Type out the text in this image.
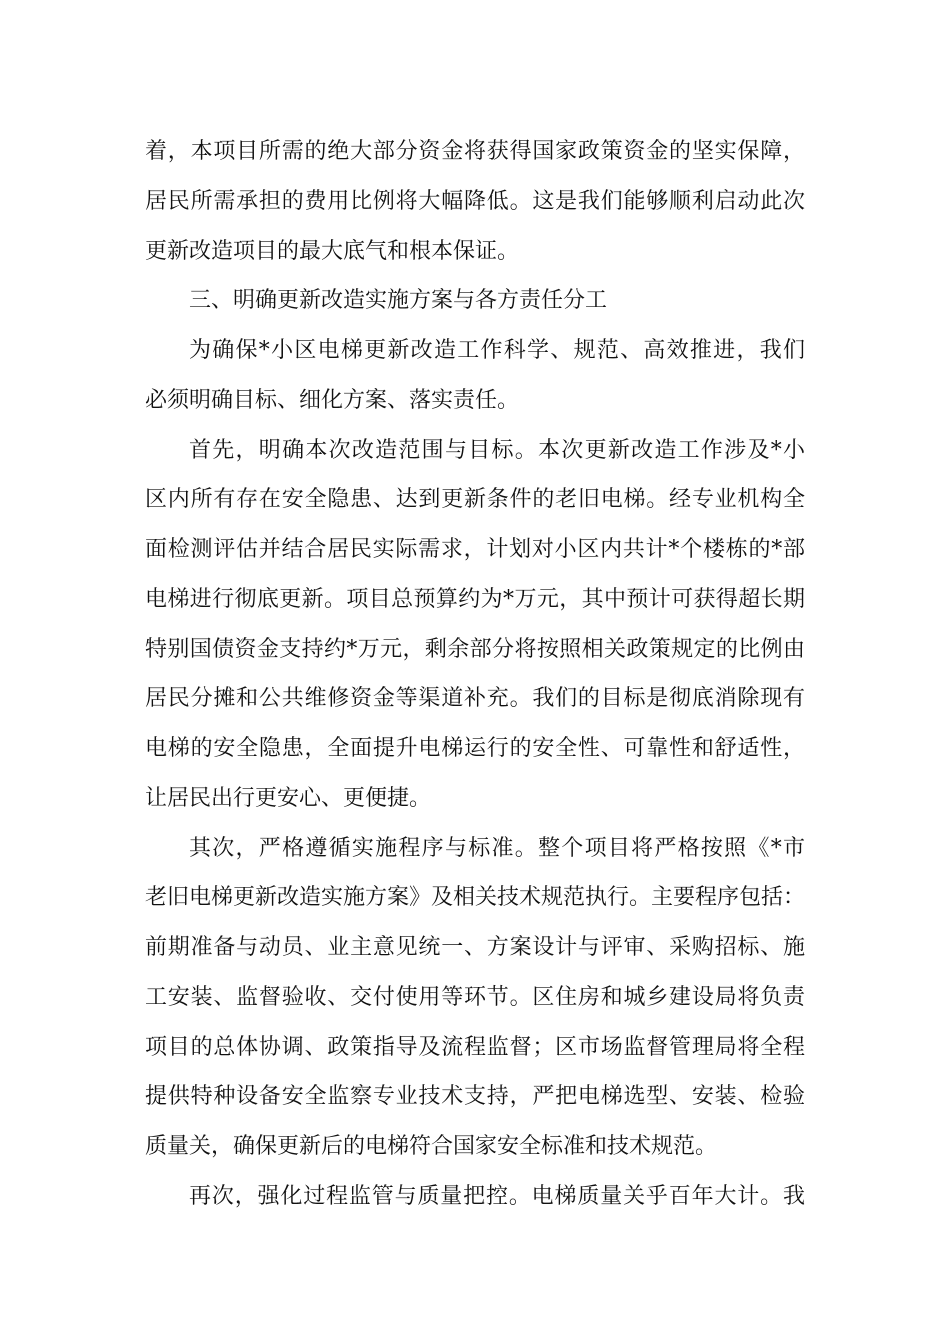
着，本项目所需的绝大部分资金将获得国家政策资金的坚实保障，
居民所需承担的费用比例将大幅降低。这是我们能够顺利启动此次
更新改造项目的最大底气和根本保证。
三、明确更新改造实施方案与各方责任分工
为确保*小区电梯更新改造工作科学、规范、高效推进，我们
必须明确目标、细化方案、落实责任。
首先，明确本次改造范围与目标。本次更新改造工作涉及*小
区内所有存在安全隐患、达到更新条件的老旧电梯。经专业机构全
面检测评估并结合居民实际需求，计划对小区内共计*个楼栋的*部
电梯进行彻底更新。项目总预算约为*万元，其中预计可获得超长期
特别国债资金支持约*万元，剩余部分将按照相关政策规定的比例由
居民分摊和公共维修资金等渠道补充。我们的目标是彻底消除现有
电梯的安全隐患，全面提升电梯运行的安全性、可靠性和舒适性，
让居民出行更安心、更便捷。
其次，严格遵循实施程序与标准。整个项目将严格按照《*市
老旧电梯更新改造实施方案》及相关技术规范执行。主要程序包括：
前期准备与动员、业主意见统一、方案设计与评审、采购招标、施
工安装、监督验收、交付使用等环节。区住房和城乡建设局将负责
项目的总体协调、政策指导及流程监督；区市场监督管理局将全程
提供特种设备安全监察专业技术支持，严把电梯选型、安装、检验
质量关，确保更新后的电梯符合国家安全标准和技术规范。
再次，强化过程监管与质量把控。电梯质量关乎百年大计。我
